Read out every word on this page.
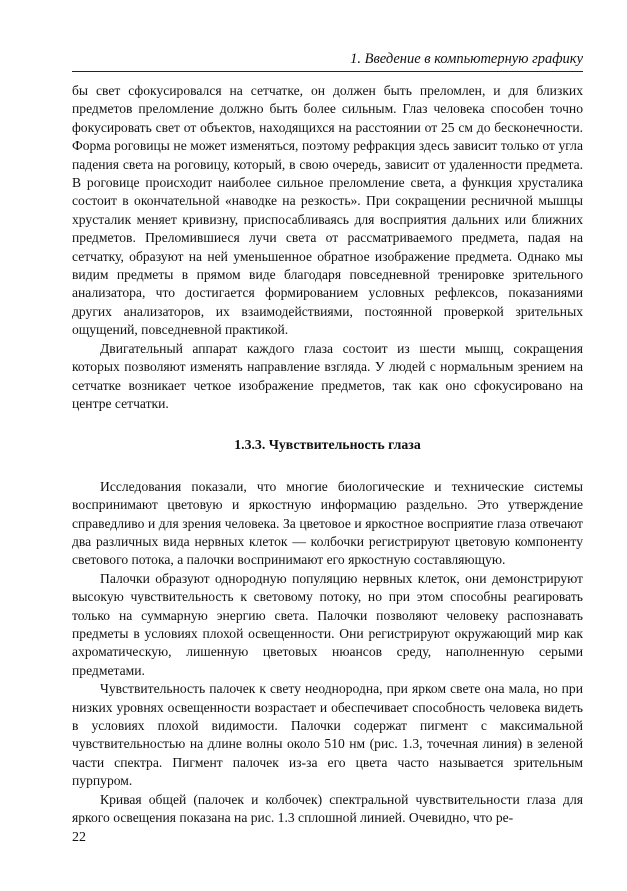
1. Введение в компьютерную графику

бы свет сфокусировался на сетчатке, он должен быть преломлен, и для близких предметов преломление должно быть более сильным. Глаз человека способен точно фокусировать свет от объектов, находящихся на расстоянии от 25 см до бесконечности. Форма роговицы не может изменяться, поэтому рефракция здесь зависит только от угла падения света на роговицу, который, в свою очередь, зависит от удаленности предмета. В роговице происходит наиболее сильное преломление света, а функция хрусталика состоит в окончательной «наводке на резкость». При сокращении ресничной мышцы хрусталик меняет кривизну, приспосабливаясь для восприятия дальних или ближних предметов. Преломившиеся лучи света от рассматриваемого предмета, падая на сетчатку, образуют на ней уменьшенное обратное изображение предмета. Однако мы видим предметы в прямом виде благодаря повседневной тренировке зрительного анализатора, что достигается формированием условных рефлексов, показаниями других анализаторов, их взаимодействиями, постоянной проверкой зрительных ощущений, повседневной практикой.

Двигательный аппарат каждого глаза состоит из шести мышц, сокращения которых позволяют изменять направление взгляда. У людей с нормальным зрением на сетчатке возникает четкое изображение предметов, так как оно сфокусировано на центре сетчатки.

1.3.3. Чувствительность глаза

Исследования показали, что многие биологические и технические системы воспринимают цветовую и яркостную информацию раздельно. Это утверждение справедливо и для зрения человека. За цветовое и яркостное восприятие глаза отвечают два различных вида нервных клеток — колбочки регистрируют цветовую компоненту светового потока, а палочки воспринимают его яркостную составляющую.

Палочки образуют однородную популяцию нервных клеток, они демонстрируют высокую чувствительность к световому потоку, но при этом способны реагировать только на суммарную энергию света. Палочки позволяют человеку распознавать предметы в условиях плохой освещенности. Они регистрируют окружающий мир как ахроматическую, лишенную цветовых нюансов среду, наполненную серыми предметами.

Чувствительность палочек к свету неоднородна, при ярком свете она мала, но при низких уровнях освещенности возрастает и обеспечивает способность человека видеть в условиях плохой видимости. Палочки содержат пигмент с максимальной чувствительностью на длине волны около 510 нм (рис. 1.3, точечная линия) в зеленой части спектра. Пигмент палочек из-за его цвета часто называется зрительным пурпуром.

Кривая общей (палочек и колбочек) спектральной чувствительности глаза для яркого освещения показана на рис. 1.3 сплошной линией. Очевидно, что ре-

22
